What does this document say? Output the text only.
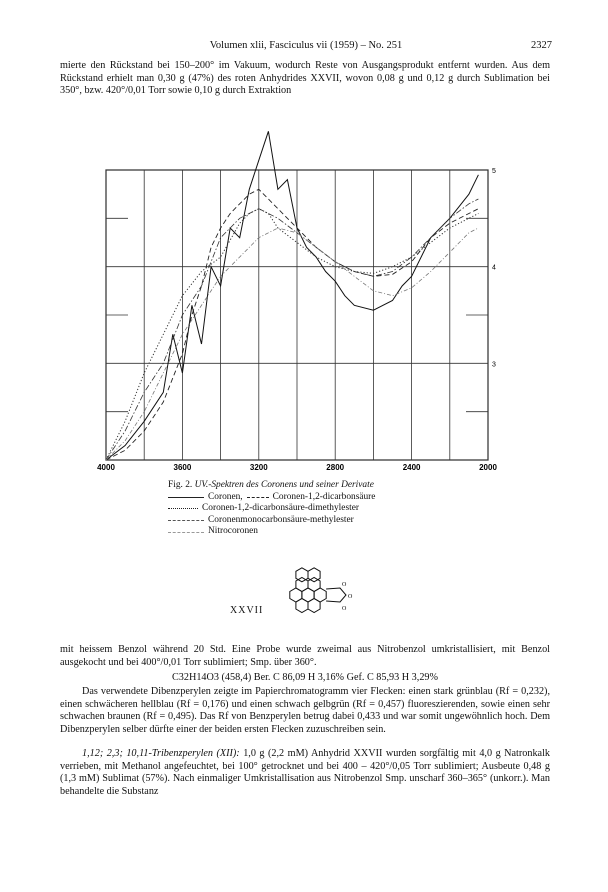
Volumen xlii, Fasciculus vii (1959) – No. 251	2327
mierte den Rückstand bei 150–200° im Vakuum, wodurch Reste von Ausgangsprodukt entfernt wurden. Aus dem Rückstand erhielt man 0,30 g (47%) des roten Anhydrides XXVII, wovon 0,08 g und 0,12 g durch Sublimation bei 350°, bzw. 420°/0,01 Torr sowie 0,10 g durch Extraktion
4000	3600	3200	2800	2400	2000
5
4
3
Fig. 2. UV.-Spektren des Coronens und seiner Derivate
Coronen,	Coronen-1,2-dicarbonsäure
Coronen-1,2-dicarbonsäure-dimethylester
Coronenmonocarbonsäure-methylester
Nitrocoronen
O
O
O
XXVII
mit heissem Benzol während 20 Std. Eine Probe wurde zweimal aus Nitrobenzol umkristallisiert, mit Benzol ausgekocht und bei 400°/0,01 Torr sublimiert; Smp. über 360°.
C32H14O3 (458,4) Ber. C 86,09 H 3,16% Gef. C 85,93 H 3,29%
Das verwendete Dibenzperylen zeigte im Papierchromatogramm vier Flecken: einen stark grünblau (Rf = 0,232), einen schwächeren hellblau (Rf = 0,176) und einen schwach gelbgrün (Rf = 0,457) fluoreszierenden, sowie einen sehr schwachen braunen (Rf = 0,495). Das Rf von Benzperylen betrug dabei 0,433 und war somit ungewöhnlich hoch. Dem Dibenzperylen selber dürfte einer der beiden ersten Flecken zuzuschreiben sein.
1,12; 2,3; 10,11-Tribenzperylen (XII): 1,0 g (2,2 mM) Anhydrid XXVII wurden sorgfältig mit 4,0 g Natronkalk verrieben, mit Methanol angefeuchtet, bei 100° getrocknet und bei 400 – 420°/0,05 Torr sublimiert; Ausbeute 0,48 g (1,3 mM) Sublimat (57%). Nach einmaliger Umkristallisation aus Nitrobenzol Smp. unscharf 360–365° (unkorr.). Man behandelte die Substanz
